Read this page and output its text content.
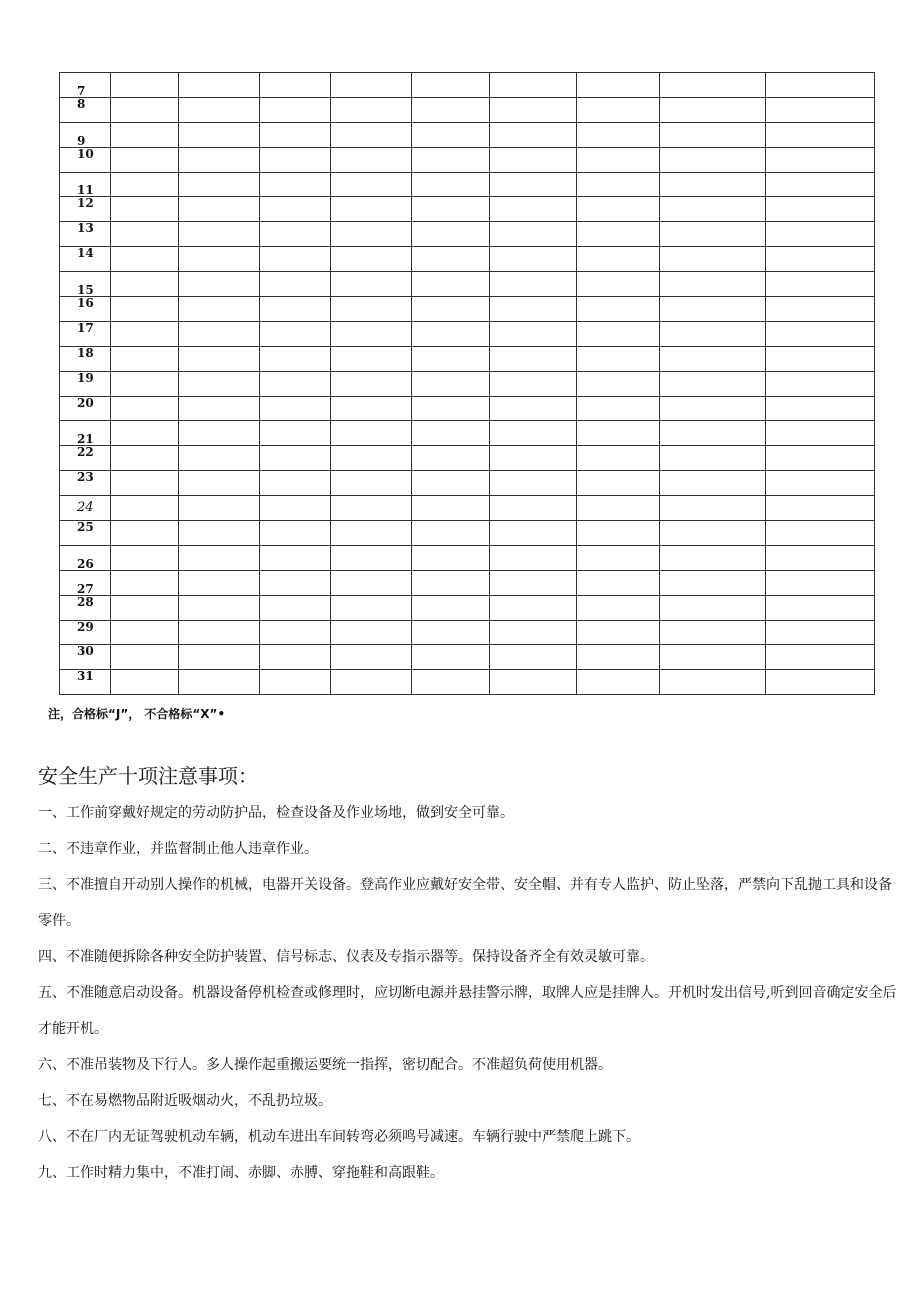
7									
8									
9									
10									
11									
12									
13									
14									
15									
16									
17									
18									
19									
20									
21									
22									
23									
24									
25									
26									
27									
28									
29									
30									
31									
注，合格标“J”， 不合格标“X”•
安全生产十项注意事项：
一、工作前穿戴好规定的劳动防护品，检查设备及作业场地，做到安全可靠。
二、不违章作业，并监督制止他人违章作业。
三、不准擅自开动别人操作的机械，电器开关设备。登高作业应戴好安全带、安全帽、并有专人监护、防止坠落，严禁向下乱抛工具和设备零件。
四、不准随便拆除各种安全防护装置、信号标志、仪表及专指示器等。保持设备齐全有效灵敏可靠。
五、不准随意启动设备。机器设备停机检查或修理时，应切断电源并悬挂警示牌，取牌人应是挂牌人。开机时发出信号,听到回音确定安全后才能开机。
六、不准吊装物及下行人。多人操作起重搬运要统一指挥，密切配合。不准超负荷使用机器。
七、不在易燃物品附近吸烟动火，不乱扔垃圾。
八、不在厂内无证驾驶机动车辆，机动车进出车间转弯必须鸣号减速。车辆行驶中严禁爬上跳下。
九、工作时精力集中，不准打闹、赤脚、赤膊、穿拖鞋和高跟鞋。
